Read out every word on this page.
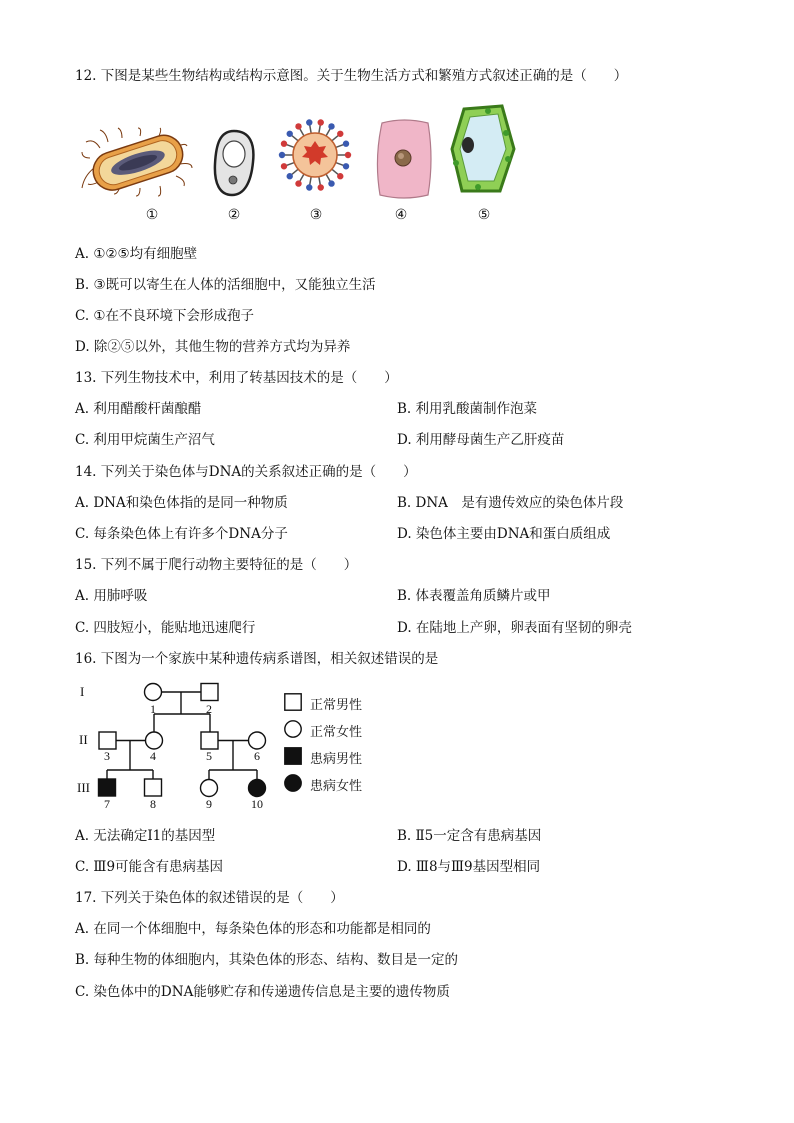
12. 下图是某些生物结构或结构示意图。关于生物生活方式和繁殖方式叙述正确的是（　　）
①	②	③	④	⑤
A. ①②⑤均有细胞壁
B. ③既可以寄生在人体的活细胞中，又能独立生活
C. ①在不良环境下会形成孢子
D. 除②⑤以外，其他生物的营养方式均为异养
13. 下列生物技术中，利用了转基因技术的是（　　）
A. 利用醋酸杆菌酿醋	B. 利用乳酸菌制作泡菜
C. 利用甲烷菌生产沼气	D. 利用酵母菌生产乙肝疫苗
14. 下列关于染色体与DNA的关系叙述正确的是（　　）
A. DNA和染色体指的是同一种物质	B. DNA　是有遗传效应的染色体片段
C. 每条染色体上有许多个DNA分子	D. 染色体主要由DNA和蛋白质组成
15. 下列不属于爬行动物主要特征的是（　　）
A. 用肺呼吸	B. 体表覆盖角质鳞片或甲
C. 四肢短小，能贴地迅速爬行	D. 在陆地上产卵，卵表面有坚韧的卵壳
16. 下图为一个家族中某种遗传病系谱图，相关叙述错误的是
I
II
III
1	2
3	4	5	6
7	8	9	10
正常男性
正常女性
患病男性
患病女性
A. 无法确定Ⅰ1的基因型	B. Ⅱ5一定含有患病基因
C. Ⅲ9可能含有患病基因	D. Ⅲ8与Ⅲ9基因型相同
17. 下列关于染色体的叙述错误的是（　　）
A. 在同一个体细胞中，每条染色体的形态和功能都是相同的
B. 每种生物的体细胞内，其染色体的形态、结构、数目是一定的
C. 染色体中的DNA能够贮存和传递遗传信息是主要的遗传物质
